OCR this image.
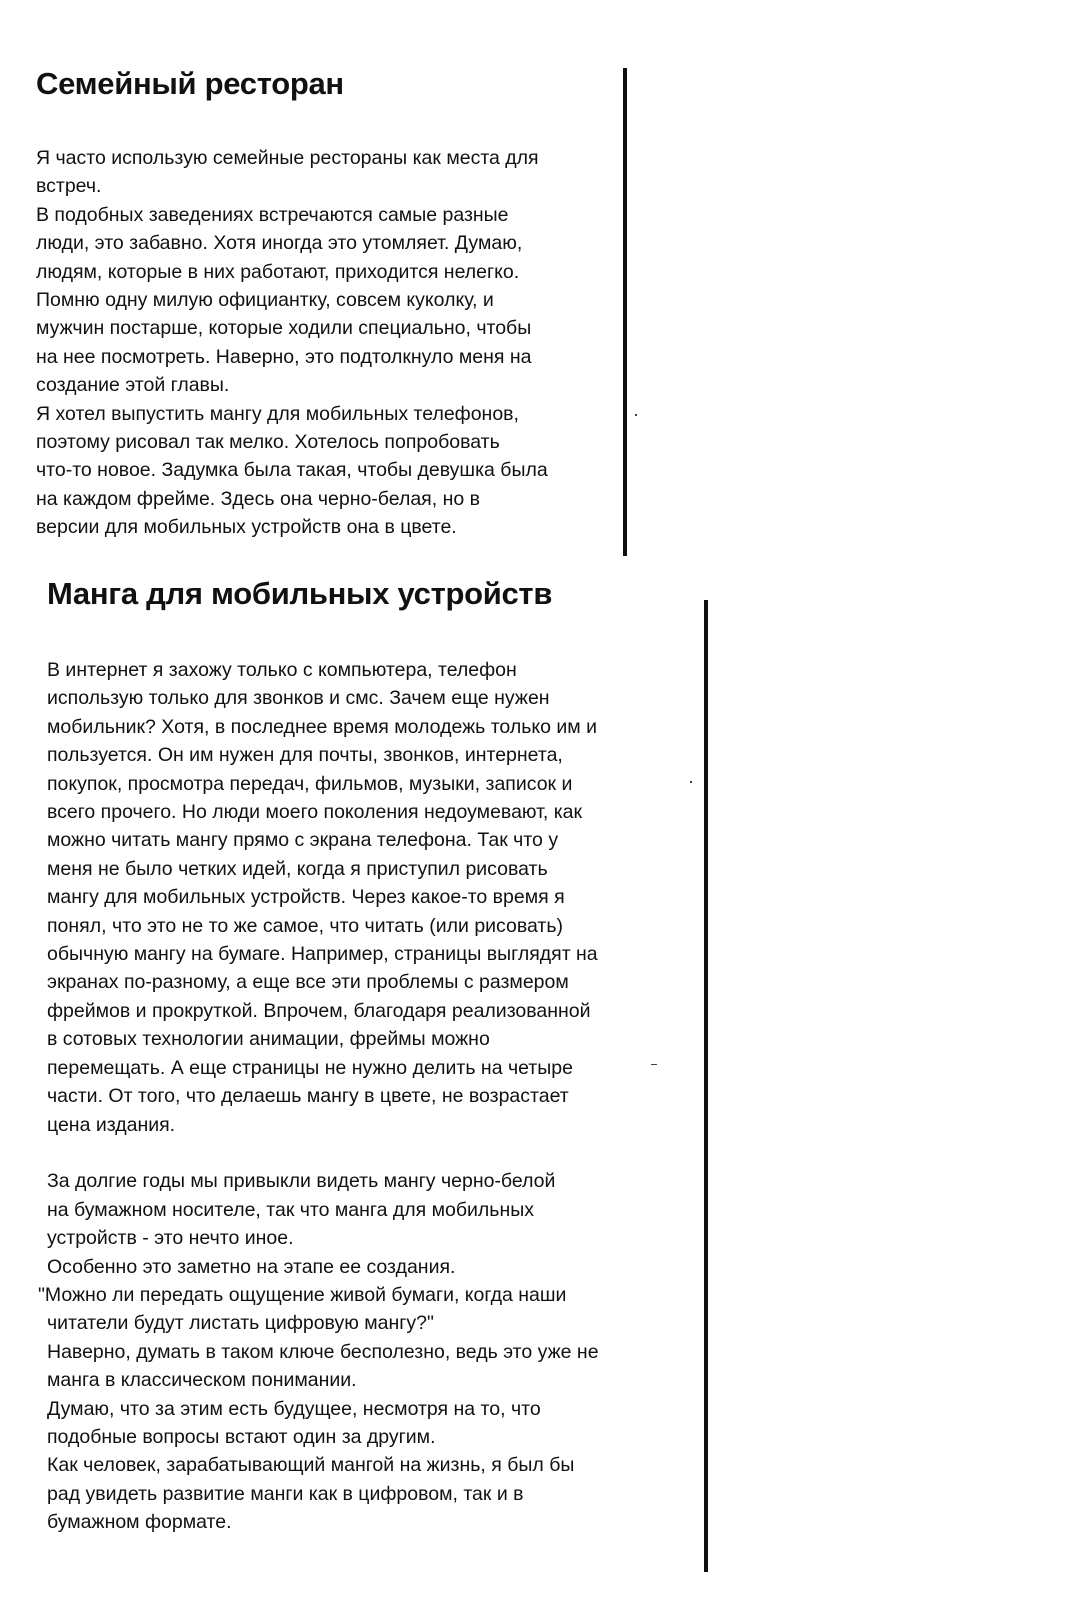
Семейный ресторан

Я часто использую семейные рестораны как места для
встреч.

В подобных заведениях встречаются самые разные
люди, это забавно. Хотя иногда это утомляет. Думаю,
людям, которые в них работают, приходится нелегко.
Помню одну милую официантку, совсем куколку, и
мужчин постарше, которые ходили специально, чтобы
на нее посмотреть. Наверно, это подтолкнуло меня на
создание этой главы.

Я хотел выпустить мангу для мобильных телефонов,
поэтому рисовал так мелко. Хотелось попробовать
что-то новое. Задумка была такая, чтобы девушка была
на каждом фрейме. Здесь она черно-белая, но в
версии для мобильных устройств она в цвете.

Манга для мобильных устройств

В интернет я захожу только с компьютера, телефон
использую только для звонков и смс. Зачем еще нужен
мобильник? Хотя, в последнее время молодежь только им и
пользуется. Он им нужен для почты, звонков, интернета,
покупок, просмотра передач, фильмов, музыки, записок и
всего прочего. Но люди моего поколения недоумевают, как
можно читать мангу прямо с экрана телефона. Так что у
меня не было четких идей, когда я приступил рисовать
мангу для мобильных устройств. Через какое-то время я
понял, что это не то же самое, что читать (или рисовать)
обычную мангу на бумаге. Например, страницы выглядят на
экранах по-разному, а еще все эти проблемы с размером
фреймов и прокруткой. Впрочем, благодаря реализованной
в сотовых технологии анимации, фреймы можно
перемещать. А еще страницы не нужно делить на четыре
части. От того, что делаешь мангу в цвете, не возрастает
цена издания.

За долгие годы мы привыкли видеть мангу черно-белой
на бумажном носителе, так что манга для мобильных
устройств - это нечто иное.

Особенно это заметно на этапе ее создания.

"Можно ли передать ощущение живой бумаги, когда наши
читатели будут листать цифровую мангу?"

Наверно, думать в таком ключе бесполезно, ведь это уже не
манга в классическом понимании.

Думаю, что за этим есть будущее, несмотря на то, что
подобные вопросы встают один за другим.

Как человек, зарабатывающий мангой на жизнь, я был бы
рад увидеть развитие манги как в цифровом, так и в
бумажном формате.
